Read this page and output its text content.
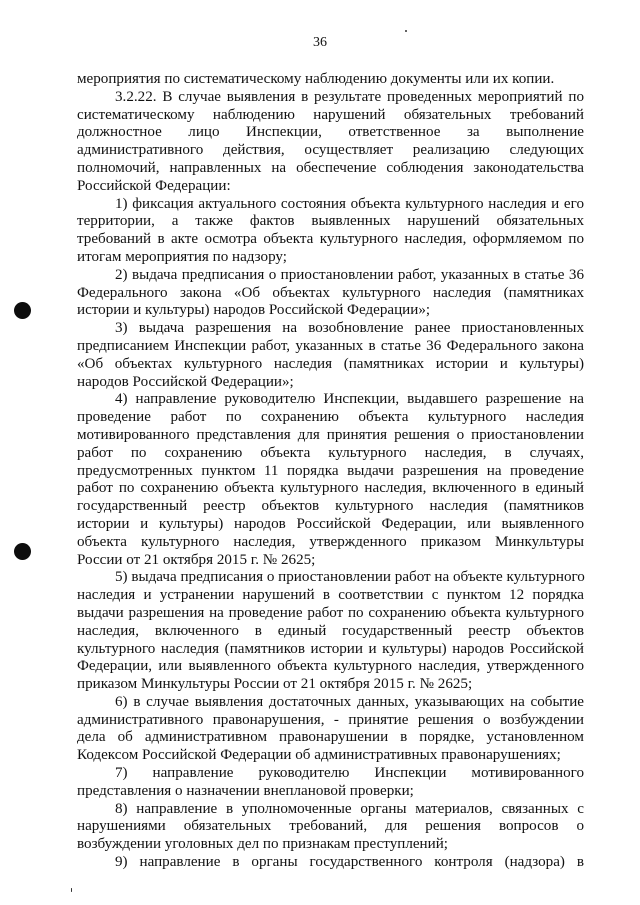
36
мероприятия по систематическому наблюдению документы или их копии.
3.2.22. В случае выявления в результате проведенных мероприятий по
систематическому наблюдению нарушений обязательных требований
должностное лицо Инспекции, ответственное за выполнение
административного действия, осуществляет реализацию следующих
полномочий, направленных на обеспечение соблюдения законодательства
Российской Федерации:
1) фиксация актуального состояния объекта культурного наследия и его
территории, а также фактов выявленных нарушений обязательных
требований в акте осмотра объекта культурного наследия, оформляемом по
итогам мероприятия по надзору;
2) выдача предписания о приостановлении работ, указанных в статье 36
Федерального закона «Об объектах культурного наследия (памятниках
истории и культуры) народов Российской Федерации»;
3) выдача разрешения на возобновление ранее приостановленных
предписанием Инспекции работ, указанных в статье 36 Федерального закона
«Об объектах культурного наследия (памятниках истории и культуры)
народов Российской Федерации»;
4) направление руководителю Инспекции, выдавшего разрешение на
проведение работ по сохранению объекта культурного наследия
мотивированного представления для принятия решения о приостановлении
работ по сохранению объекта культурного наследия, в случаях,
предусмотренных пунктом 11 порядка выдачи разрешения на проведение
работ по сохранению объекта культурного наследия, включенного в единый
государственный реестр объектов культурного наследия (памятников
истории и культуры) народов Российской Федерации, или выявленного
объекта культурного наследия, утвержденного приказом Минкультуры
России от 21 октября 2015 г. № 2625;
5) выдача предписания о приостановлении работ на объекте культурного
наследия и устранении нарушений в соответствии с пунктом 12 порядка
выдачи разрешения на проведение работ по сохранению объекта культурного
наследия, включенного в единый государственный реестр объектов
культурного наследия (памятников истории и культуры) народов Российской
Федерации, или выявленного объекта культурного наследия, утвержденного
приказом Минкультуры России от 21 октября 2015 г. № 2625;
6) в случае выявления достаточных данных, указывающих на событие
административного правонарушения, - принятие решения о возбуждении
дела об административном правонарушении в порядке, установленном
Кодексом Российской Федерации об административных правонарушениях;
7) направление руководителю Инспекции мотивированного
представления о назначении внеплановой проверки;
8) направление в уполномоченные органы материалов, связанных с
нарушениями обязательных требований, для решения вопросов о
возбуждении уголовных дел по признакам преступлений;
9) направление в органы государственного контроля (надзора) в
